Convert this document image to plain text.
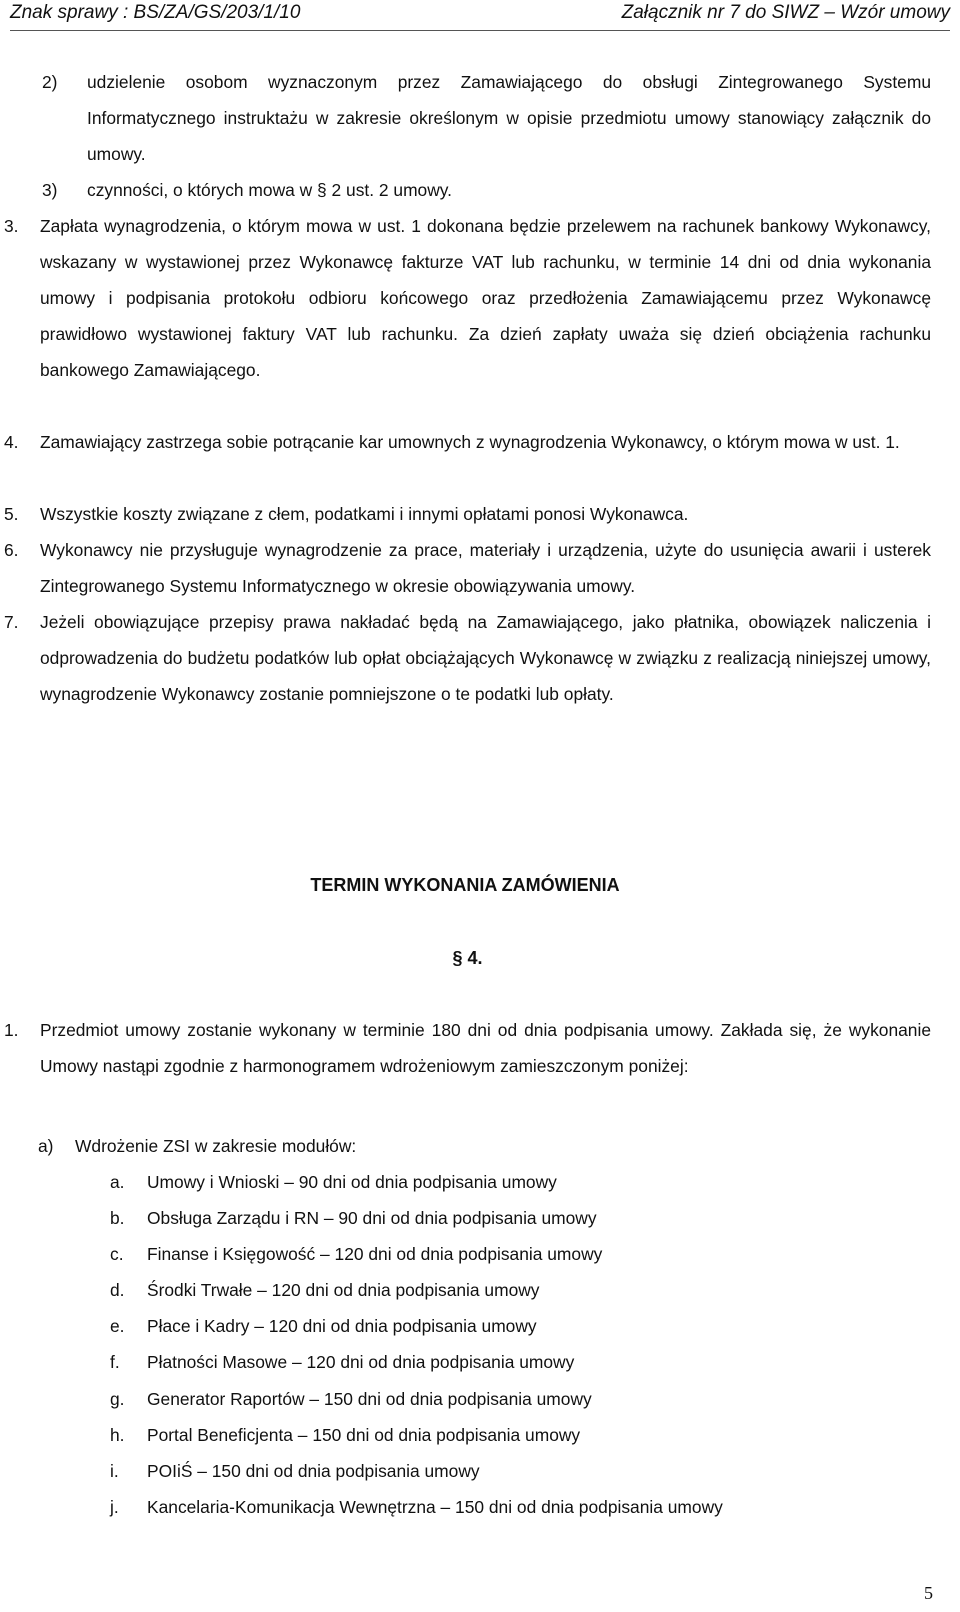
Znak sprawy : BS/ZA/GS/203/1/10	Załącznik nr 7 do SIWZ – Wzór umowy
2) udzielenie osobom wyznaczonym przez Zamawiającego do obsługi Zintegrowanego Systemu Informatycznego instruktażu w zakresie określonym w opisie przedmiotu umowy stanowiący załącznik do umowy.
3) czynności, o których mowa w § 2 ust. 2 umowy.
3. Zapłata wynagrodzenia, o którym mowa w ust. 1 dokonana będzie przelewem na rachunek bankowy Wykonawcy, wskazany w wystawionej przez Wykonawcę fakturze VAT lub rachunku, w terminie 14 dni od dnia wykonania umowy i podpisania protokołu odbioru końcowego oraz przedłożenia Zamawiającemu przez Wykonawcę prawidłowo wystawionej faktury VAT lub rachunku. Za dzień zapłaty uważa się dzień obciążenia rachunku bankowego Zamawiającego.
4. Zamawiający zastrzega sobie potrącanie kar umownych z wynagrodzenia Wykonawcy, o którym mowa w ust. 1.
5. Wszystkie koszty związane z cłem, podatkami i innymi opłatami ponosi Wykonawca.
6. Wykonawcy nie przysługuje wynagrodzenie za prace, materiały i urządzenia, użyte do usunięcia awarii i usterek Zintegrowanego Systemu Informatycznego w okresie obowiązywania umowy.
7. Jeżeli obowiązujące przepisy prawa nakładać będą na Zamawiającego, jako płatnika, obowiązek naliczenia i odprowadzenia do budżetu podatków lub opłat obciążających Wykonawcę w związku z realizacją niniejszej umowy, wynagrodzenie Wykonawcy zostanie pomniejszone o te podatki lub opłaty.
TERMIN WYKONANIA ZAMÓWIENIA
§ 4.
1. Przedmiot umowy zostanie wykonany w terminie 180 dni od dnia podpisania umowy. Zakłada się, że wykonanie Umowy nastąpi zgodnie z harmonogramem wdrożeniowym zamieszczonym poniżej:
a)	Wdrożenie ZSI w zakresie modułów:
a. Umowy i Wnioski – 90 dni od dnia podpisania umowy
b. Obsługa Zarządu i RN – 90 dni od dnia podpisania umowy
c. Finanse i Księgowość – 120 dni od dnia podpisania umowy
d. Środki Trwałe – 120 dni od dnia podpisania umowy
e. Płace i Kadry – 120 dni od dnia podpisania umowy
f. Płatności Masowe – 120 dni od dnia podpisania umowy
g. Generator Raportów – 150 dni od dnia podpisania umowy
h. Portal Beneficjenta – 150 dni od dnia podpisania umowy
i. POIiŚ – 150 dni od dnia podpisania umowy
j. Kancelaria-Komunikacja Wewnętrzna – 150 dni od dnia podpisania umowy
5
